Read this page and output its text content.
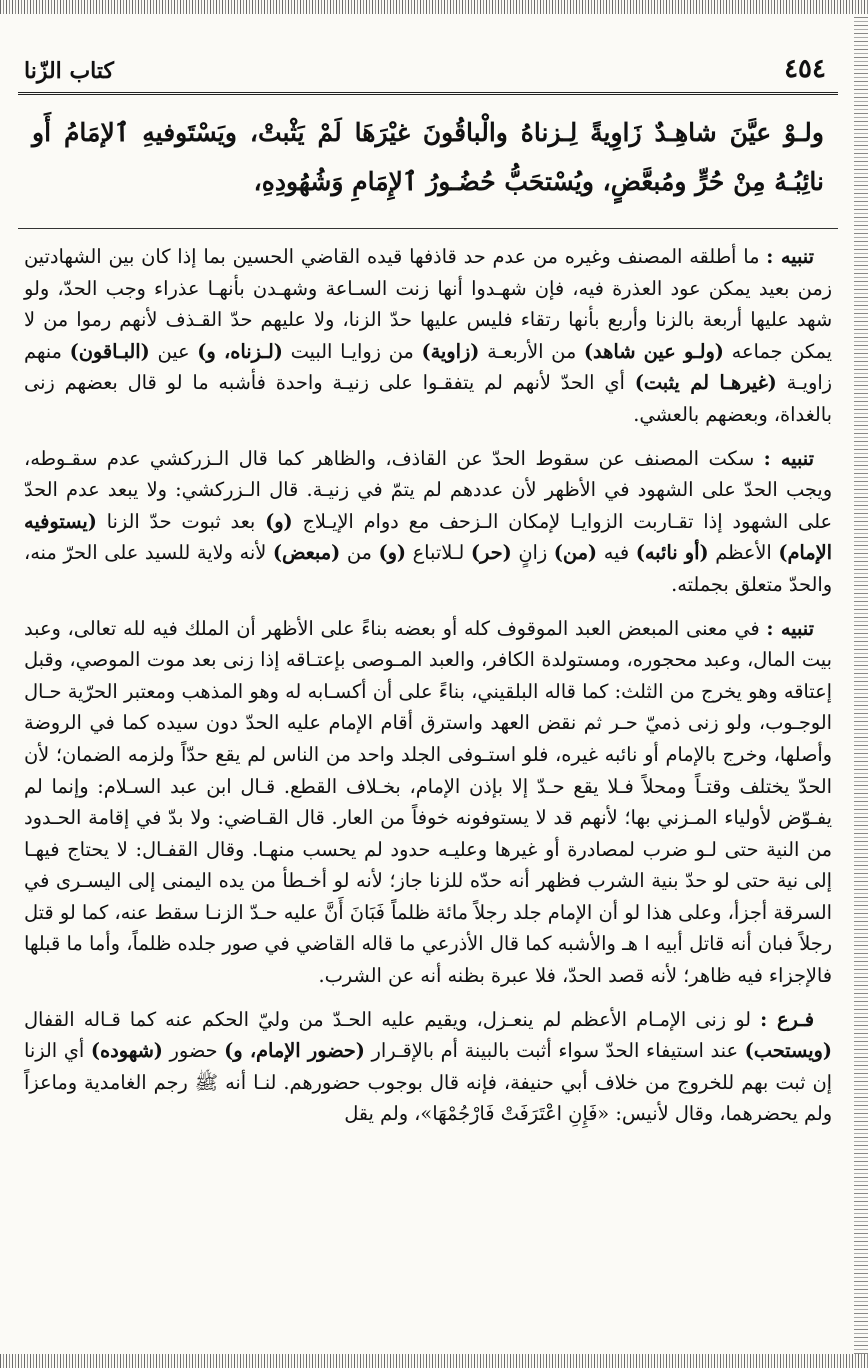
٤٥٤
كتاب الزّنا
ولـوْ عيَّنَ شاهِـدٌ زَاوِيةً لِـزناهُ والْباقُونَ غيْرَهَا لَمْ يَثْبتْ، ويَسْتَوفيهِ ٱلإمَامُ أَو نائِبُـهُ مِنْ حُرٍّ ومُبعَّضٍ، ويُسْتحَبُّ حُضُـورُ ٱلإِمَامِ وَشُهُودِهِ،

تنبيه : ما أطلقه المصنف وغيره من عدم حد قاذفها قيده القاضي الحسين بما إذا كان بين الشهادتين زمن بعيد يمكن عود العذرة فيه، فإن شهـدوا أنها زنت السـاعة وشهـدن بأنهـا عذراء وجب الحدّ، ولو شهد عليها أربعة بالزنا وأربع بأنها رتقاء فليس عليها حدّ الزنا، ولا عليهم حدّ القـذف لأنهم رموا من لا يمكن جماعه (ولـو عين شاهد) من الأربعـة (زاوية) من زوايـا البيت (لـزناه، و) عين (البـاقون) منهم زاويـة (غيرهـا لم يثبت) أي الحدّ لأنهم لم يتفقـوا على زنيـة واحدة فأشبه ما لو قال بعضهم زنى بالغداة، وبعضهم بالعشي.

تنبيه : سكت المصنف عن سقوط الحدّ عن القاذف، والظاهر كما قال الـزركشي عدم سقـوطه، ويجب الحدّ على الشهود في الأظهر لأن عددهم لم يتمّ في زنيـة. قال الـزركشي: ولا يبعد عدم الحدّ على الشهود إذا تقـاربت الزوايـا لإمكان الـزحف مع دوام الإيـلاج (و) بعد ثبوت حدّ الزنا (يستوفيه الإمام) الأعظم (أو نائبه) فيه (من) زانٍ (حر) لـلاتباع (و) من (مبعض) لأنه ولاية للسيد على الحرّ منه، والحدّ متعلق بجملته.

تنبيه : في معنى المبعض العبد الموقوف كله أو بعضه بناءً على الأظهر أن الملك فيه لله تعالى، وعبد بيت المال، وعبد محجوره، ومستولدة الكافر، والعبد المـوصى بإعتـاقه إذا زنى بعد موت الموصي، وقبل إعتاقه وهو يخرج من الثلث: كما قاله البلقيني، بناءً على أن أكسـابه له وهو المذهب ومعتبر الحرّية حـال الوجـوب، ولو زنى ذميّ حـر ثم نقض العهد واسترق أقام الإمام عليه الحدّ دون سيده كما في الروضة وأصلها، وخرج بالإمام أو نائبه غيره، فلو استـوفى الجلد واحد من الناس لم يقع حدّاً ولزمه الضمان؛ لأن الحدّ يختلف وقتـاً ومحلاً فـلا يقع حـدّ إلا بإذن الإمام، بخـلاف القطع. قـال ابن عبد السـلام: وإنما لم يفـوّض لأولياء المـزني بها؛ لأنهم قد لا يستوفونه خوفاً من العار. قال القـاضي: ولا بدّ في إقامة الحـدود من النية حتى لـو ضرب لمصادرة أو غيرها وعليـه حدود لم يحسب منهـا. وقال القفـال: لا يحتاج فيهـا إلى نية حتى لو حدّ بنية الشرب فظهر أنه حدّه للزنا جاز؛ لأنه لو أخـطأ من يده اليمنى إلى اليسـرى في السرقة أجزأ، وعلى هذا لو أن الإمام جلد رجلاً مائة ظلماً فَبَانَ أَنَّ عليه حـدّ الزنـا سقط عنه، كما لو قتل رجلاً فبان أنه قاتل أبيه ا هـ والأشبه كما قال الأذرعي ما قاله القاضي في صور جلده ظلماً، وأما ما قبلها فالإجزاء فيه ظاهر؛ لأنه قصد الحدّ، فلا عبرة بظنه أنه عن الشرب.

فـرع : لو زنى الإمـام الأعظم لم ينعـزل، ويقيم عليه الحـدّ من وليّ الحكم عنه كما قـاله القفال (ويستحب) عند استيفاء الحدّ سواء أثبت بالبينة أم بالإقـرار (حضور الإمام، و) حضور (شهوده) أي الزنا إن ثبت بهم للخروج من خلاف أبي حنيفة، فإنه قال بوجوب حضورهم. لنـا أنه ﷺ رجم الغامدية وماعزاً ولم يحضرهما، وقال لأنيس: «فَإِنِ اعْتَرَفَتْ فَارْجُمْهَا»، ولم يقل
